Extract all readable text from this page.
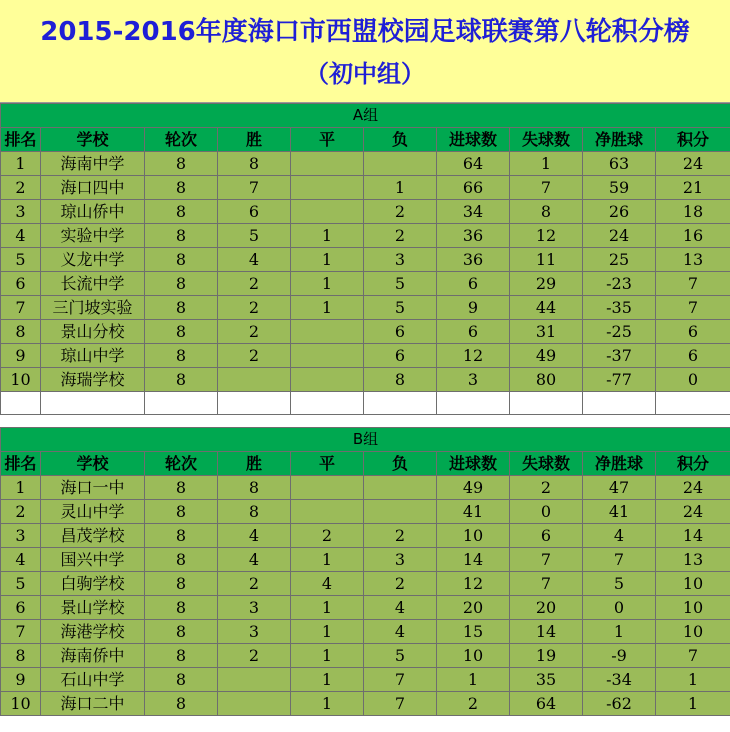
2015-2016年度海口市西盟校园足球联赛第八轮积分榜
（初中组）
A组									
排名	学校	轮次	胜	平	负	进球数	失球数	净胜球	积分
1	海南中学	8	8			64	1	63	24
2	海口四中	8	7		1	66	7	59	21
3	琼山侨中	8	6		2	34	8	26	18
4	实验中学	8	5	1	2	36	12	24	16
5	义龙中学	8	4	1	3	36	11	25	13
6	长流中学	8	2	1	5	6	29	-23	7
7	三门坡实验	8	2	1	5	9	44	-35	7
8	景山分校	8	2		6	6	31	-25	6
9	琼山中学	8	2		6	12	49	-37	6
10	海瑞学校	8			8	3	80	-77	0

B组									
排名	学校	轮次	胜	平	负	进球数	失球数	净胜球	积分
1	海口一中	8	8			49	2	47	24
2	灵山中学	8	8			41	0	41	24
3	昌茂学校	8	4	2	2	10	6	4	14
4	国兴中学	8	4	1	3	14	7	7	13
5	白驹学校	8	2	4	2	12	7	5	10
6	景山学校	8	3	1	4	20	20	0	10
7	海港学校	8	3	1	4	15	14	1	10
8	海南侨中	8	2	1	5	10	19	-9	7
9	石山中学	8		1	7	1	35	-34	1
10	海口二中	8		1	7	2	64	-62	1
